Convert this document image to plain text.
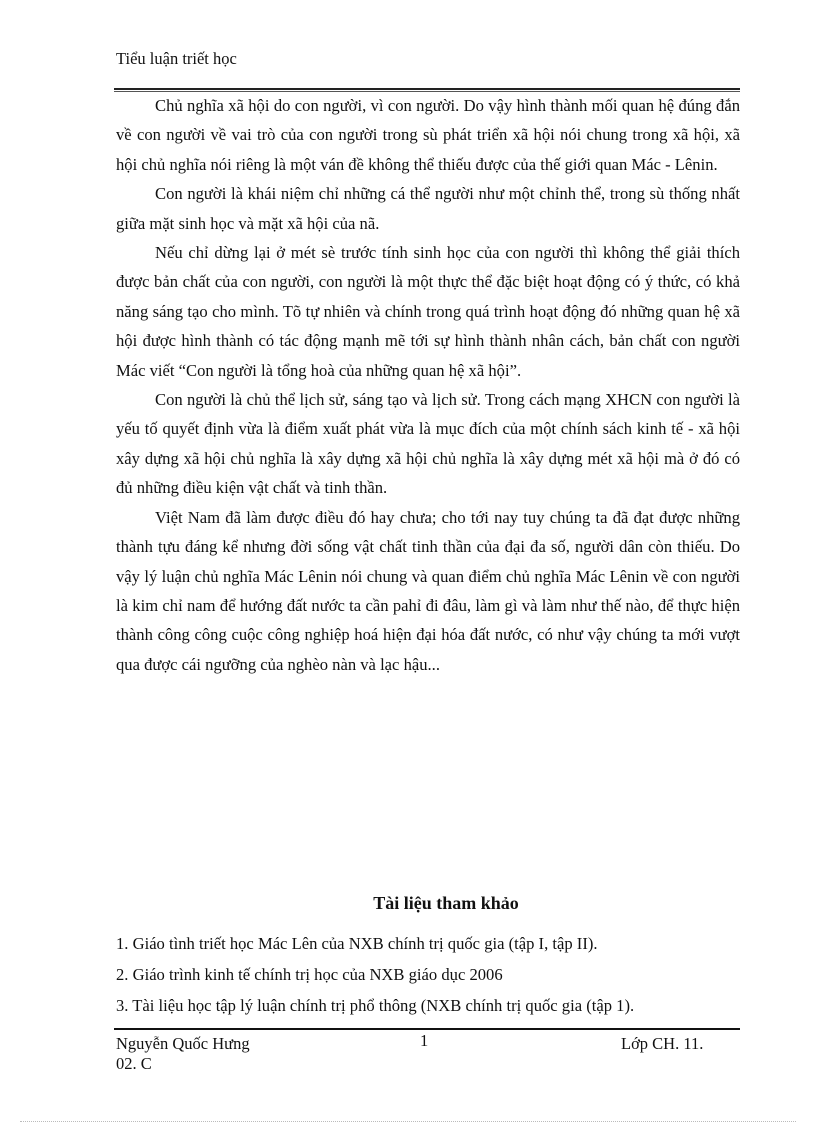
Tiểu luận triết học

Chủ nghĩa xã hội do con người, vì con người. Do vậy hình thành mối quan hệ đúng đắn về con người về vai trò của con người trong sù phát triển xã hội nói chung trong xã hội, xã hội chủ nghĩa nói riêng là một ván đề không thể thiếu được của thế giới quan Mác - Lênin.

Con người là khái niệm chỉ những cá thể người như một chỉnh thể, trong sù thống nhất giữa mặt sinh học và mặt xã hội của nã.

Nếu chỉ dừng lại ở mét sè trước tính sinh học của con người thì không thể giải thích được bản chất của con người, con người là một thực thể đặc biệt hoạt động có ý thức, có khả năng sáng tạo cho mình. Tõ tự nhiên và chính trong quá trình hoạt động đó những quan hệ xã hội được hình thành có tác động mạnh mẽ tới sự hình thành nhân cách, bản chất con người Mác viết “Con người là tổng hoà của những quan hệ xã hội”.

Con người là chủ thể lịch sử, sáng tạo và lịch sử. Trong cách mạng XHCN con người là yếu tố quyết định vừa là điểm xuất phát vừa là mục đích của một chính sách kinh tế - xã hội xây dựng xã hội chủ nghĩa là xây dựng xã hội chủ nghĩa là xây dựng mét xã hội mà ở đó có đủ những điều kiện vật chất và tinh thần.

Việt Nam đã làm được điều đó hay chưa; cho tới nay tuy chúng ta đã đạt được những thành tựu đáng kể nhưng đời sống vật chất tinh thần của đại đa số, người dân còn thiếu. Do vậy lý luận chủ nghĩa Mác Lênin nói chung và quan điểm chủ nghĩa Mác Lênin về con người là kim chỉ nam để hướng đất nước ta cần pahỉ đi đâu, làm gì và làm như thế nào, để thực hiện thành công công cuộc công nghiệp hoá hiện đại hóa đất nước, có như vậy chúng ta mới vượt qua được cái ngưỡng của nghèo nàn và lạc hậu...

Tài liệu tham khảo

1. Giáo tình triết học Mác Lên của NXB chính trị quốc gia (tập I, tập II).

2. Giáo trình kinh tế chính trị học của NXB giáo dục 2006

3. Tài liệu học tập lý luận chính trị phổ thông (NXB chính trị quốc gia (tập 1).

Nguyễn Quốc Hưng
02. C
1	Lớp CH. 11.
